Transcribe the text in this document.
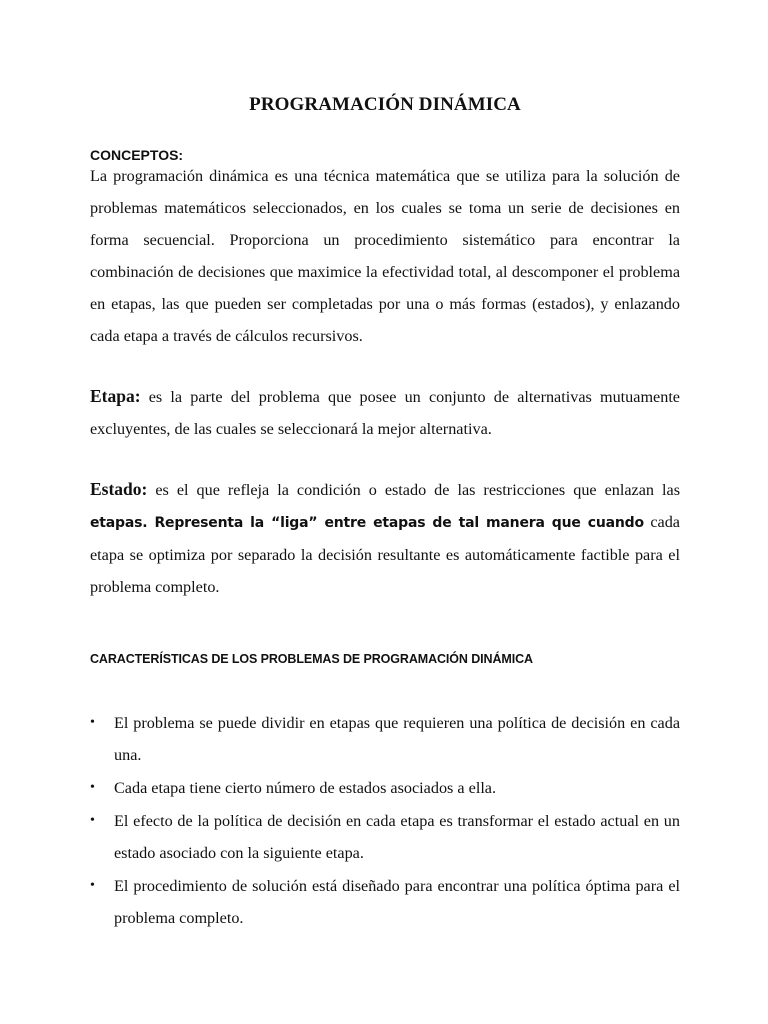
PROGRAMACIÓN DINÁMICA
CONCEPTOS:

La programación dinámica es una técnica matemática que se utiliza para la solución de problemas matemáticos seleccionados, en los cuales se toma un serie de decisiones en forma secuencial. Proporciona un procedimiento sistemático para encontrar la combinación de decisiones que maximice la efectividad total, al descomponer el problema en etapas, las que pueden ser completadas por una o más formas (estados), y enlazando cada etapa a través de cálculos recursivos.

Etapa: es la parte del problema que posee un conjunto de alternativas mutuamente excluyentes, de las cuales se seleccionará la mejor alternativa.

Estado: es el que refleja la condición o estado de las restricciones que enlazan las etapas. Representa la “liga” entre etapas de tal manera que cuando cada etapa se optimiza por separado la decisión resultante es automáticamente factible para el problema completo.

CARACTERÍSTICAS DE LOS PROBLEMAS DE PROGRAMACIÓN DINÁMICA
• El problema se puede dividir en etapas que requieren una política de decisión en cada una.
• Cada etapa tiene cierto número de estados asociados a ella.
• El efecto de la política de decisión en cada etapa es transformar el estado actual en un estado asociado con la siguiente etapa.
• El procedimiento de solución está diseñado para encontrar una política óptima para el problema completo.
